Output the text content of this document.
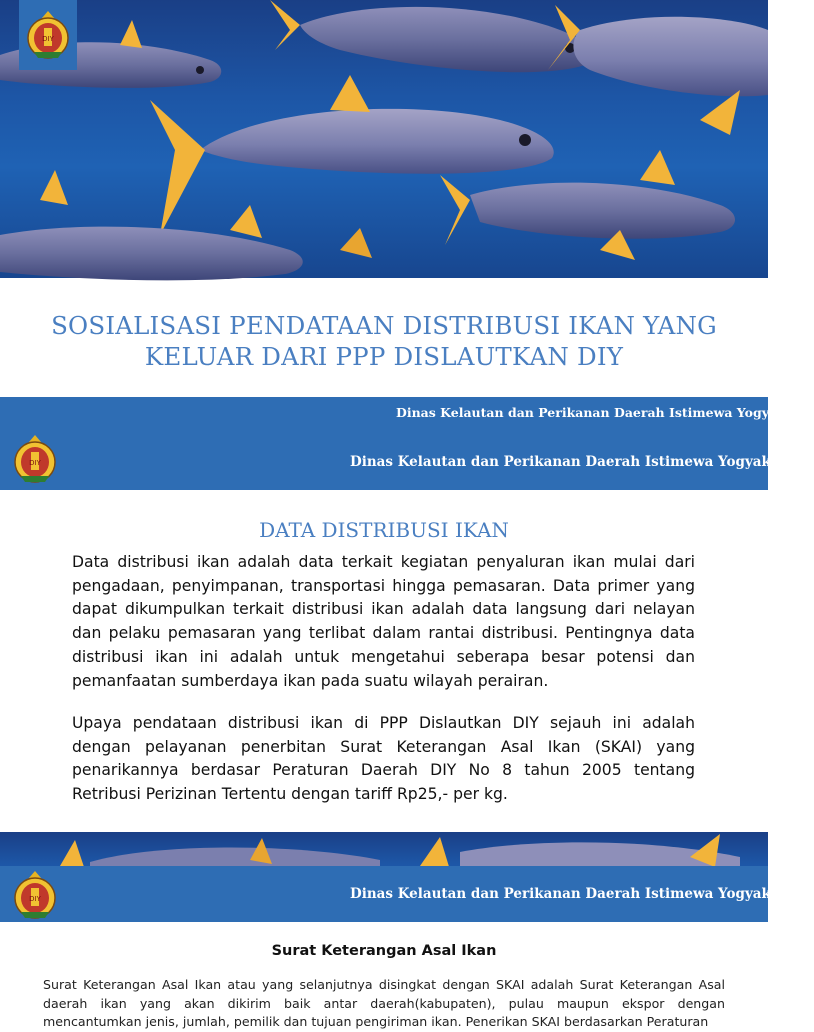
DIY
SOSIALISASI PENDATAAN DISTRIBUSI IKAN YANG
KELUAR DARI PPP DISLAUTKAN DIY
Dinas Kelautan dan Perikanan Daerah Istimewa Yogyakarta
DIY	Dinas Kelautan dan Perikanan Daerah Istimewa Yogyakarta
DATA DISTRIBUSI IKAN

Data distribusi ikan adalah data terkait kegiatan penyaluran ikan mulai dari pengadaan, penyimpanan, transportasi hingga pemasaran. Data primer yang dapat dikumpulkan terkait distribusi ikan adalah data langsung dari nelayan dan pelaku pemasaran yang terlibat dalam rantai distribusi. Pentingnya data distribusi ikan ini adalah untuk mengetahui seberapa besar potensi dan pemanfaatan sumberdaya ikan pada suatu wilayah perairan.

Upaya pendataan distribusi ikan di PPP Dislautkan DIY sejauh ini adalah dengan pelayanan penerbitan Surat Keterangan Asal Ikan (SKAI) yang penarikannya berdasar Peraturan Daerah DIY No 8 tahun 2005 tentang Retribusi Perizinan Tertentu dengan tariff Rp25,- per kg.

DIY	Dinas Kelautan dan Perikanan Daerah Istimewa Yogyakarta
Surat Keterangan Asal Ikan

Surat Keterangan Asal Ikan atau yang selanjutnya disingkat dengan SKAI adalah Surat Keterangan Asal daerah ikan yang akan dikirim baik antar daerah(kabupaten), pulau maupun ekspor dengan mencantumkan jenis, jumlah, pemilik dan tujuan pengiriman ikan. Penerikan SKAI berdasarkan Peraturan
